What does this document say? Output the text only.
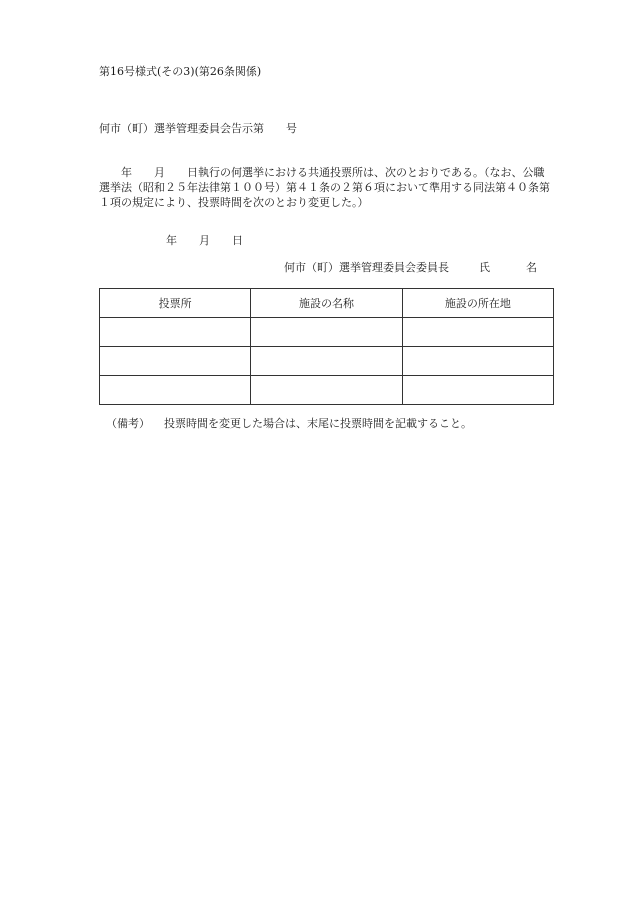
第16号様式(その3)(第26条関係)
何市（町）選挙管理委員会告示第 号
年 月 日執行の何選挙における共通投票所は、次のとおりである。（なお、公職
選挙法（昭和２５年法律第１００号）第４１条の２第６項において準用する同法第４０条第
１項の規定により、投票時間を次のとおり変更した。）
年 月 日
何市（町）選挙管理委員会委員長	氏	名
投票所	施設の名称	施設の所在地

（備考） 投票時間を変更した場合は、末尾に投票時間を記載すること。
